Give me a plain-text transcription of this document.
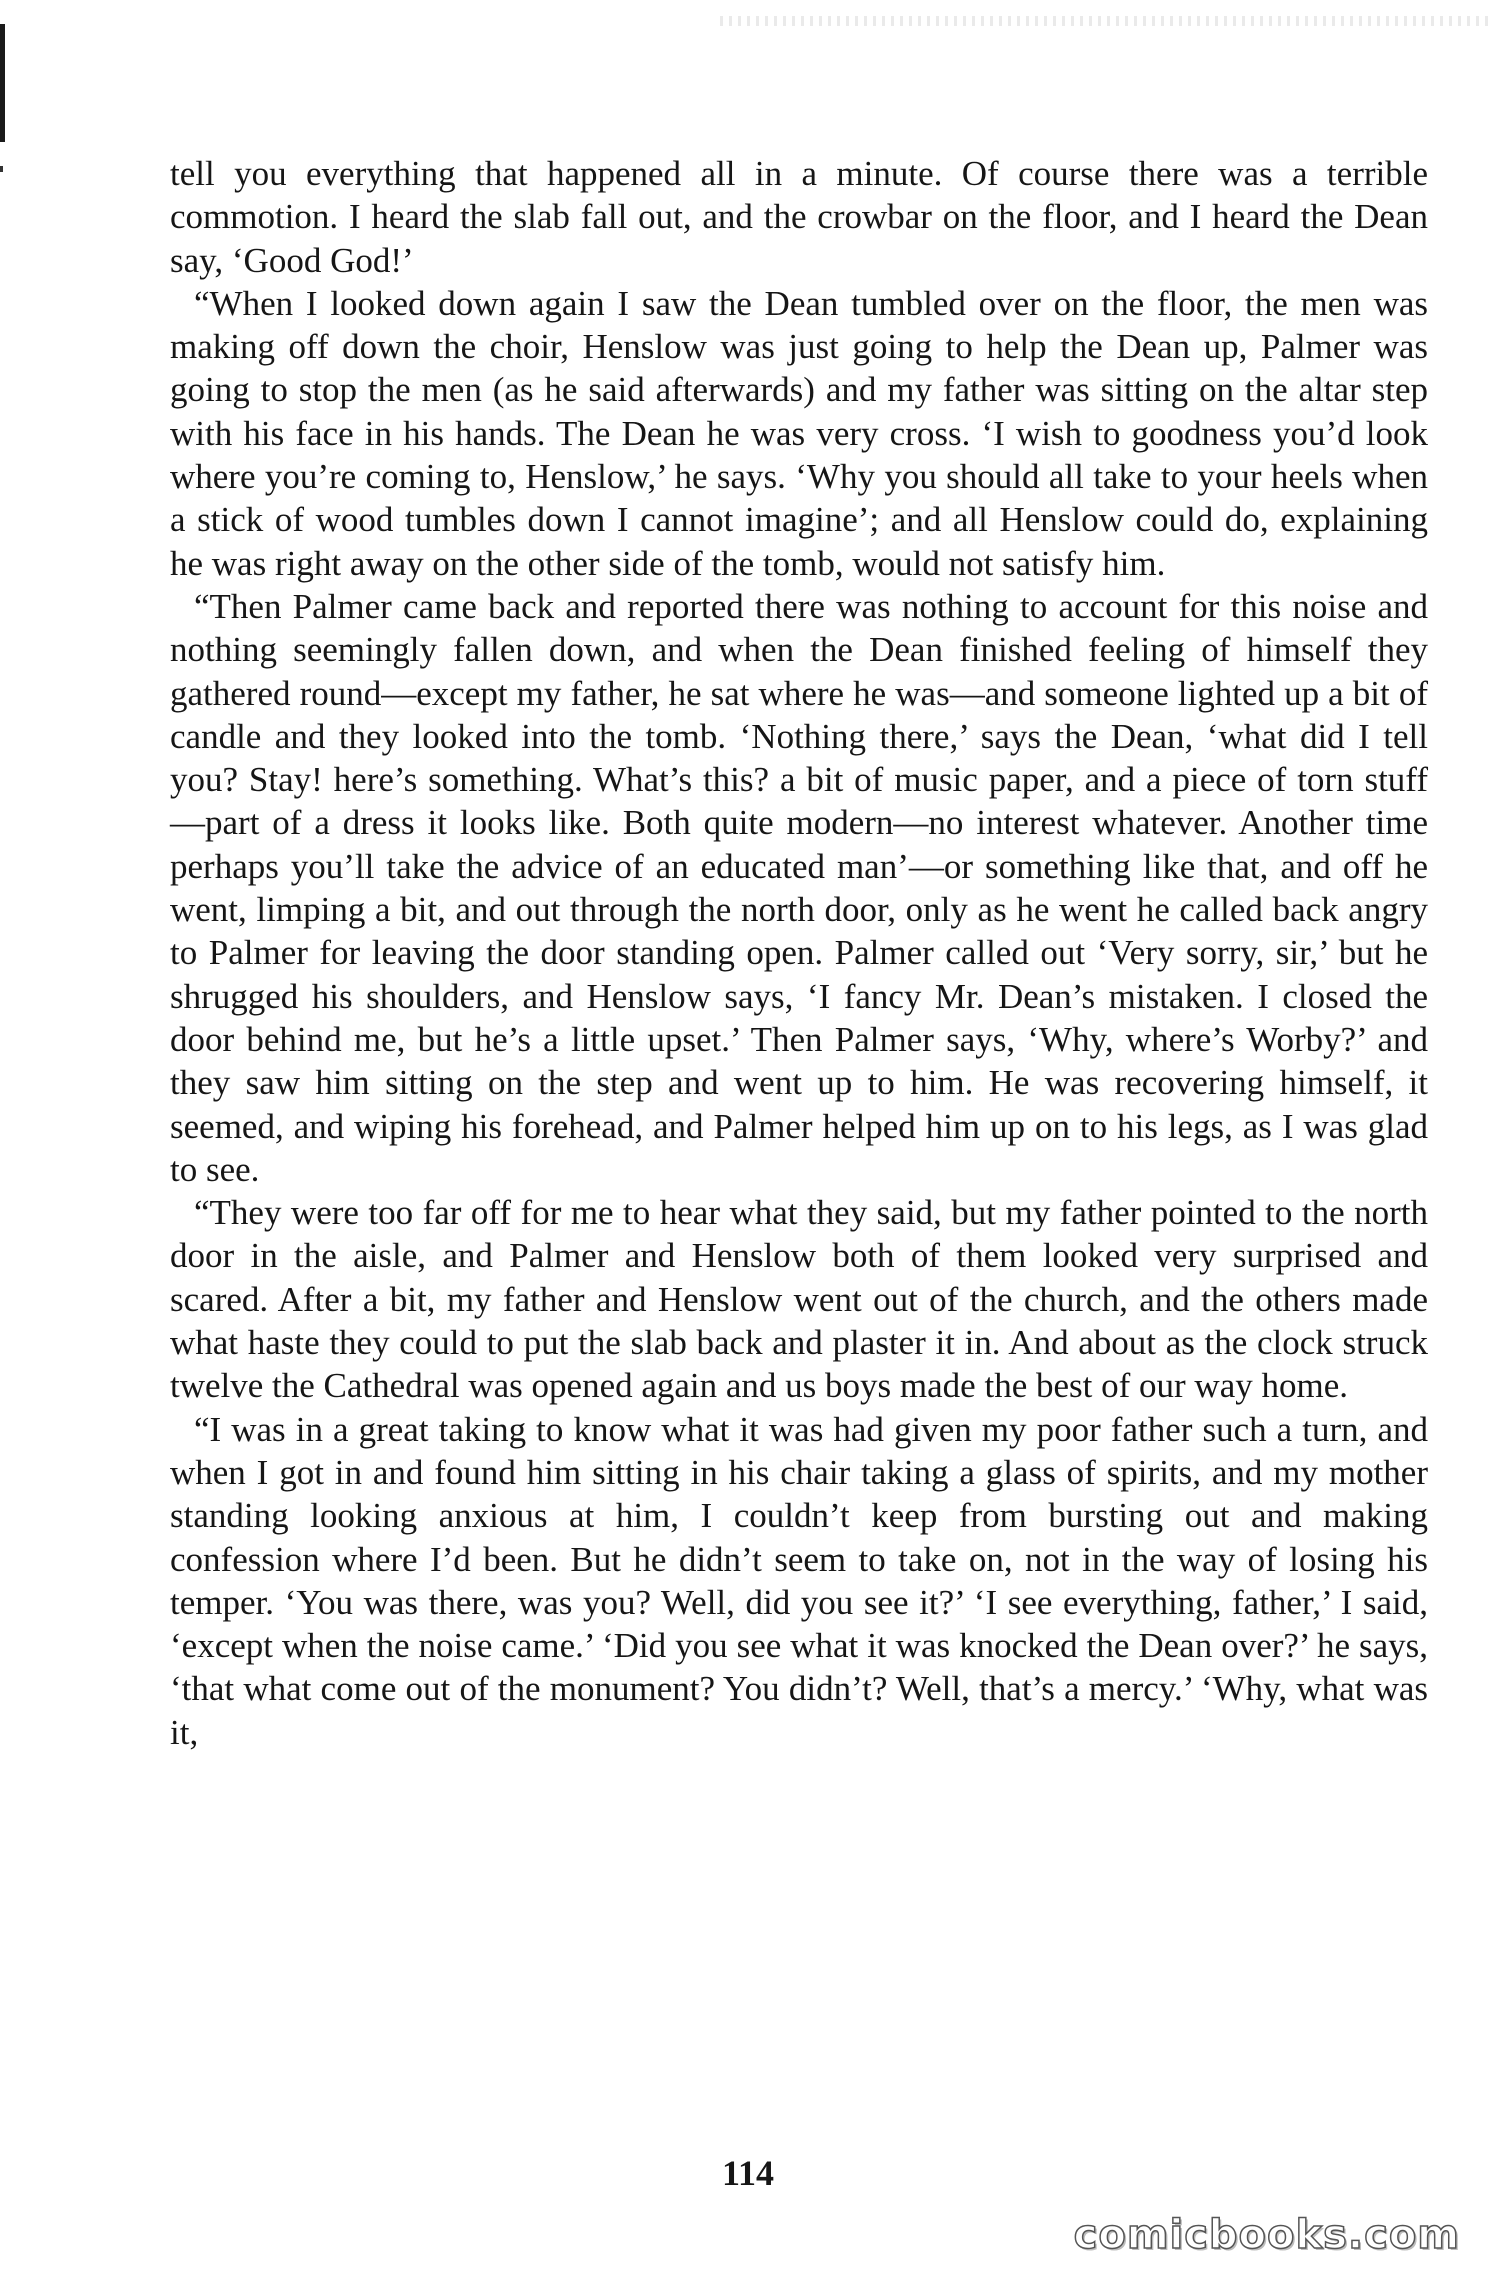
tell you everything that happened all in a minute. Of course there was a terrible commotion. I heard the slab fall out, and the crowbar on the floor, and I heard the Dean say, ‘Good God!’

“When I looked down again I saw the Dean tumbled over on the floor, the men was making off down the choir, Henslow was just going to help the Dean up, Palmer was going to stop the men (as he said afterwards) and my father was sitting on the altar step with his face in his hands. The Dean he was very cross. ‘I wish to goodness you’d look where you’re coming to, Henslow,’ he says. ‘Why you should all take to your heels when a stick of wood tumbles down I cannot imagine’; and all Henslow could do, explaining he was right away on the other side of the tomb, would not satisfy him.

“Then Palmer came back and reported there was nothing to account for this noise and nothing seemingly fallen down, and when the Dean finished feeling of himself they gathered round—except my father, he sat where he was—and someone lighted up a bit of candle and they looked into the tomb. ‘Nothing there,’ says the Dean, ‘what did I tell you? Stay! here’s something. What’s this? a bit of music paper, and a piece of torn stuff—part of a dress it looks like. Both quite modern—no interest whatever. Another time perhaps you’ll take the advice of an educated man’—or something like that, and off he went, limping a bit, and out through the north door, only as he went he called back angry to Palmer for leaving the door standing open. Palmer called out ‘Very sorry, sir,’ but he shrugged his shoulders, and Henslow says, ‘I fancy Mr. Dean’s mistaken. I closed the door behind me, but he’s a little upset.’ Then Palmer says, ‘Why, where’s Worby?’ and they saw him sitting on the step and went up to him. He was recovering himself, it seemed, and wiping his forehead, and Palmer helped him up on to his legs, as I was glad to see.

“They were too far off for me to hear what they said, but my father pointed to the north door in the aisle, and Palmer and Henslow both of them looked very surprised and scared. After a bit, my father and Henslow went out of the church, and the others made what haste they could to put the slab back and plaster it in. And about as the clock struck twelve the Cathedral was opened again and us boys made the best of our way home.

“I was in a great taking to know what it was had given my poor father such a turn, and when I got in and found him sitting in his chair taking a glass of spirits, and my mother standing looking anxious at him, I couldn’t keep from bursting out and making confession where I’d been. But he didn’t seem to take on, not in the way of losing his temper. ‘You was there, was you? Well, did you see it?’ ‘I see everything, father,’ I said, ‘except when the noise came.’ ‘Did you see what it was knocked the Dean over?’ he says, ‘that what come out of the monument? You didn’t? Well, that’s a mercy.’ ‘Why, what was it,

114
comicbooks.com
